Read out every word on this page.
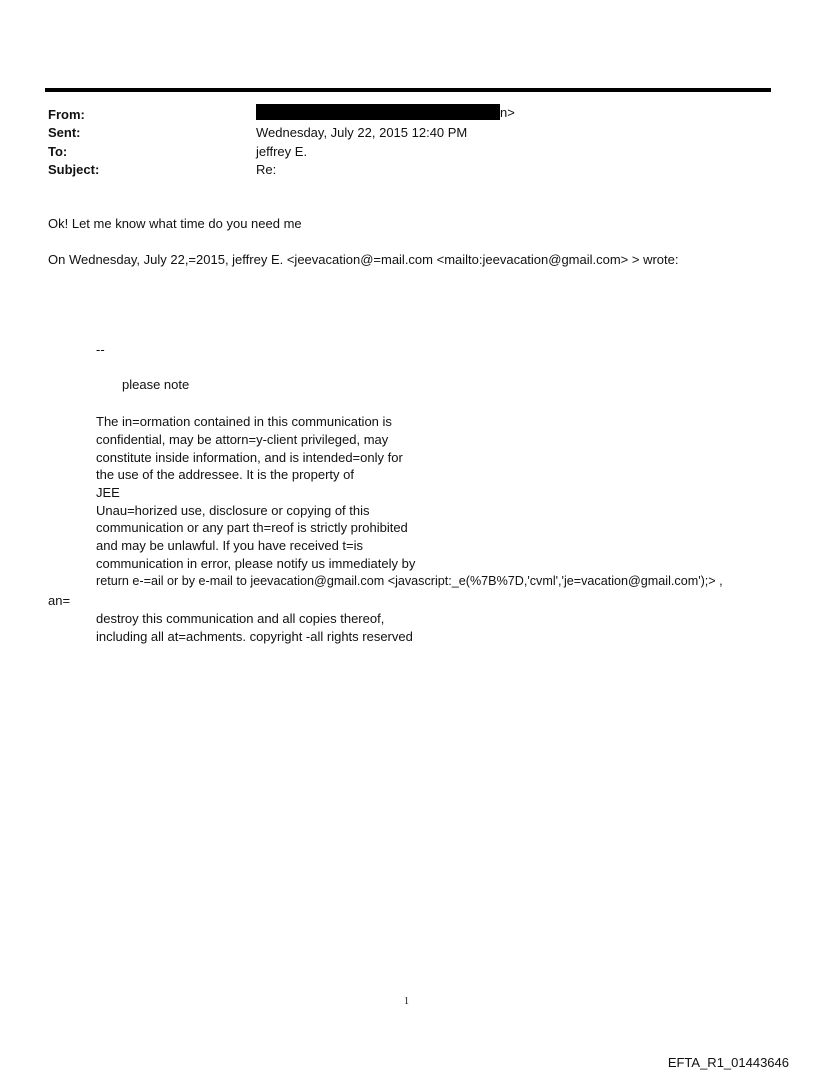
From:	n>
Sent:	Wednesday, July 22, 2015 12:40 PM
To:	jeffrey E.
Subject:	Re:
Ok! Let me know what time do you need me
On Wednesday, July 22,=2015, jeffrey E. <jeevacation@=mail.com <mailto:jeevacation@gmail.com> > wrote:
--
please note
The in=ormation contained in this communication is
confidential, may be attorn=y-client privileged, may
constitute inside information, and is intended=only for
the use of the addressee. It is the property of
JEE
Unau=horized use, disclosure or copying of this
communication or any part th=reof is strictly prohibited
and may be unlawful. If you have received t=is
communication in error, please notify us immediately by
return e-=ail or by e-mail to jeevacation@gmail.com <javascript:_e(%7B%7D,'cvml','je=vacation@gmail.com');> ,
an=
destroy this communication and all copies thereof,
including all at=achments. copyright -all rights reserved
1
EFTA_R1_01443646
